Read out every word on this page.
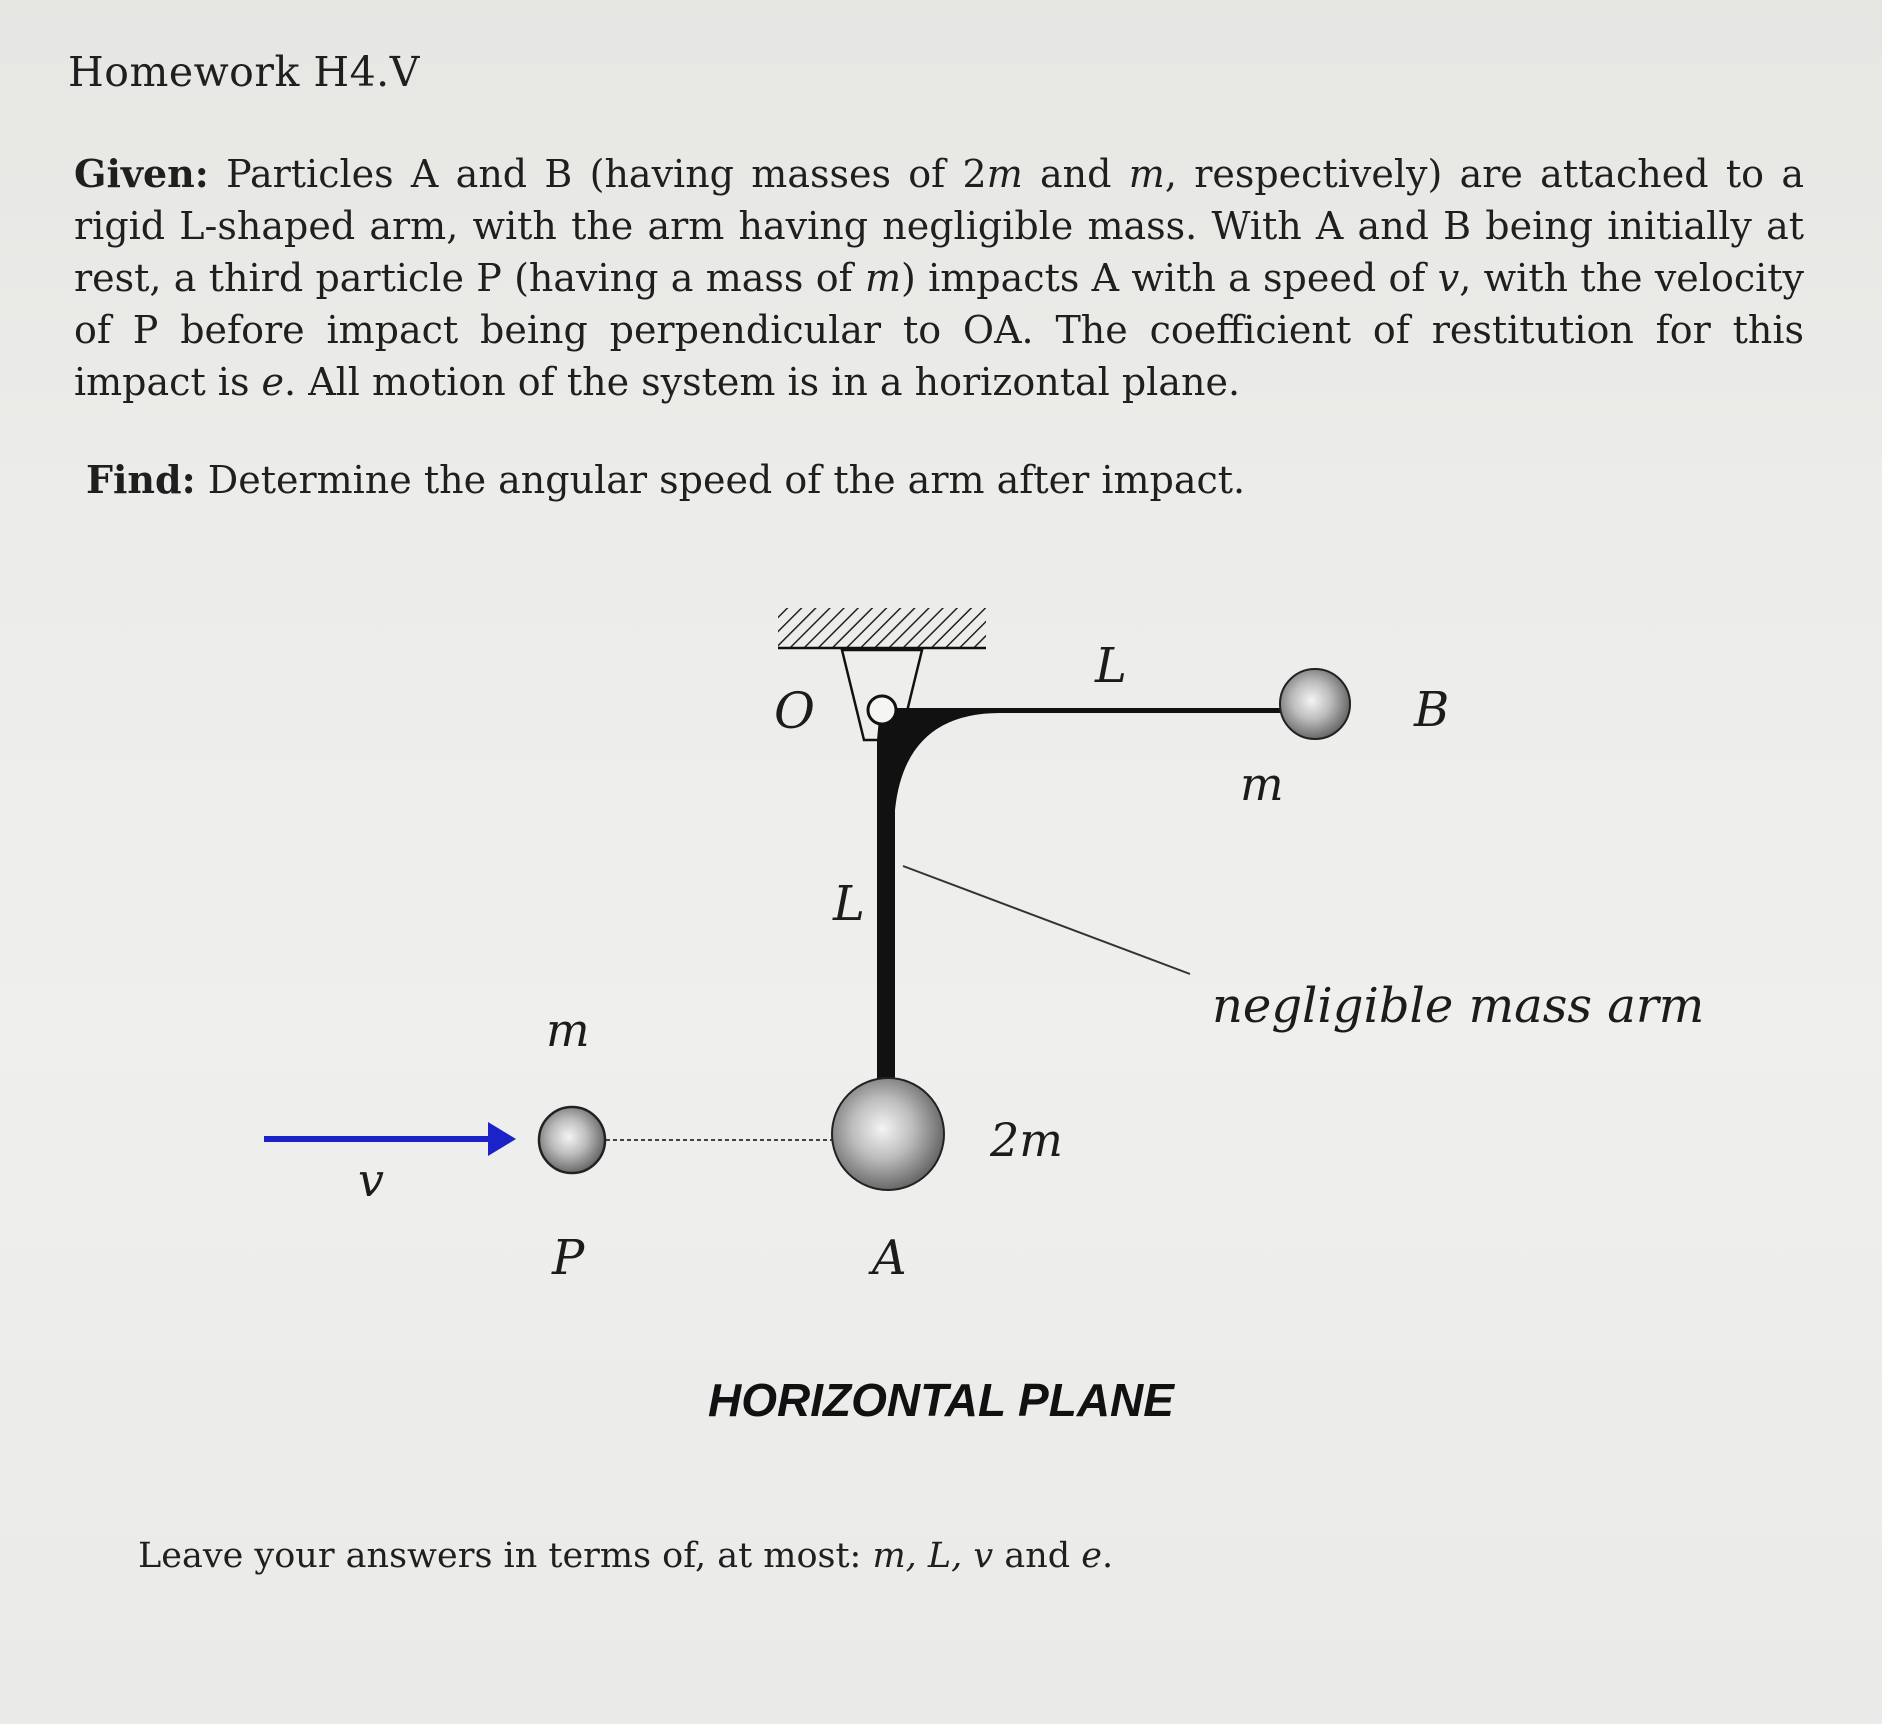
Homework H4.V
Given: Particles A and B (having masses of 2m and m, respectively) are attached to a rigid L-shaped arm, with the arm having negligible mass. With A and B being initially at rest, a third particle P (having a mass of m) impacts A with a speed of v, with the velocity of P before impact being perpendicular to OA. The coefficient of restitution for this impact is e. All motion of the system is in a horizontal plane.
Find: Determine the angular speed of the arm after impact.
O
L
B
m
L
negligible mass arm
m
2m
v
P	A
HORIZONTAL PLANE
Leave your answers in terms of, at most: m, L, v and e.
